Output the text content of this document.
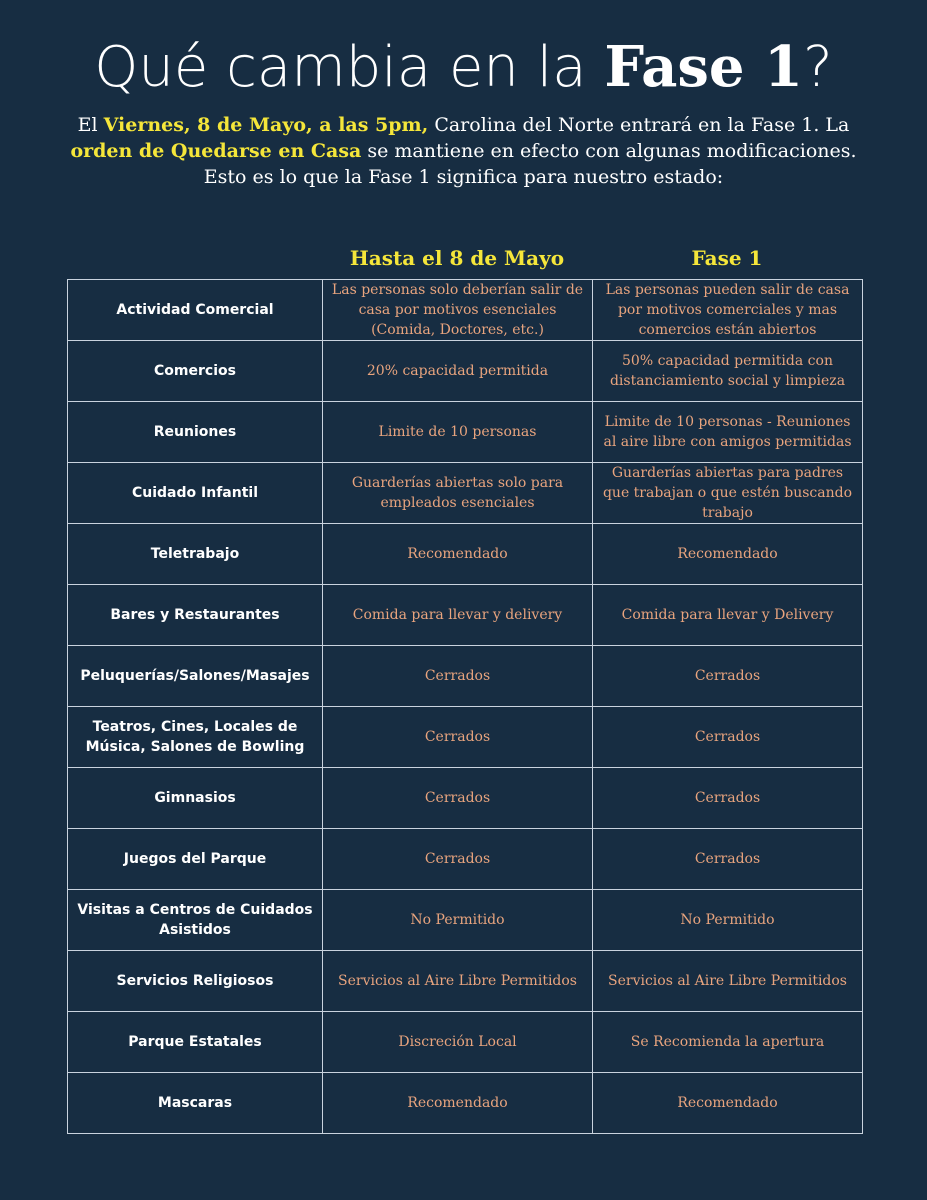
Qué cambia en la Fase 1?
El Viernes, 8 de Mayo, a las 5pm, Carolina del Norte entrará en la Fase 1. La
orden de Quedarse en Casa se mantiene en efecto con algunas modificaciones.
Esto es lo que la Fase 1 significa para nuestro estado:
Hasta el 8 de Mayo	Fase 1
Actividad Comercial	Las personas solo deberían salir de casa por motivos esenciales (Comida, Doctores, etc.)	Las personas pueden salir de casa por motivos comerciales y mas comercios están abiertos
Comercios	20% capacidad permitida	50% capacidad permitida con distanciamiento social y limpieza
Reuniones	Limite de 10 personas	Limite de 10 personas - Reuniones al aire libre con amigos permitidas
Cuidado Infantil	Guarderías abiertas solo para empleados esenciales	Guarderías abiertas para padres que trabajan o que estén buscando trabajo
Teletrabajo	Recomendado	Recomendado
Bares y Restaurantes	Comida para llevar y delivery	Comida para llevar y Delivery
Peluquerías/Salones/Masajes	Cerrados	Cerrados
Teatros, Cines, Locales de Música, Salones de Bowling	Cerrados	Cerrados
Gimnasios	Cerrados	Cerrados
Juegos del Parque	Cerrados	Cerrados
Visitas a Centros de Cuidados Asistidos	No Permitido	No Permitido
Servicios Religiosos	Servicios al Aire Libre Permitidos	Servicios al Aire Libre Permitidos
Parque Estatales	Discreción Local	Se Recomienda la apertura
Mascaras	Recomendado	Recomendado
